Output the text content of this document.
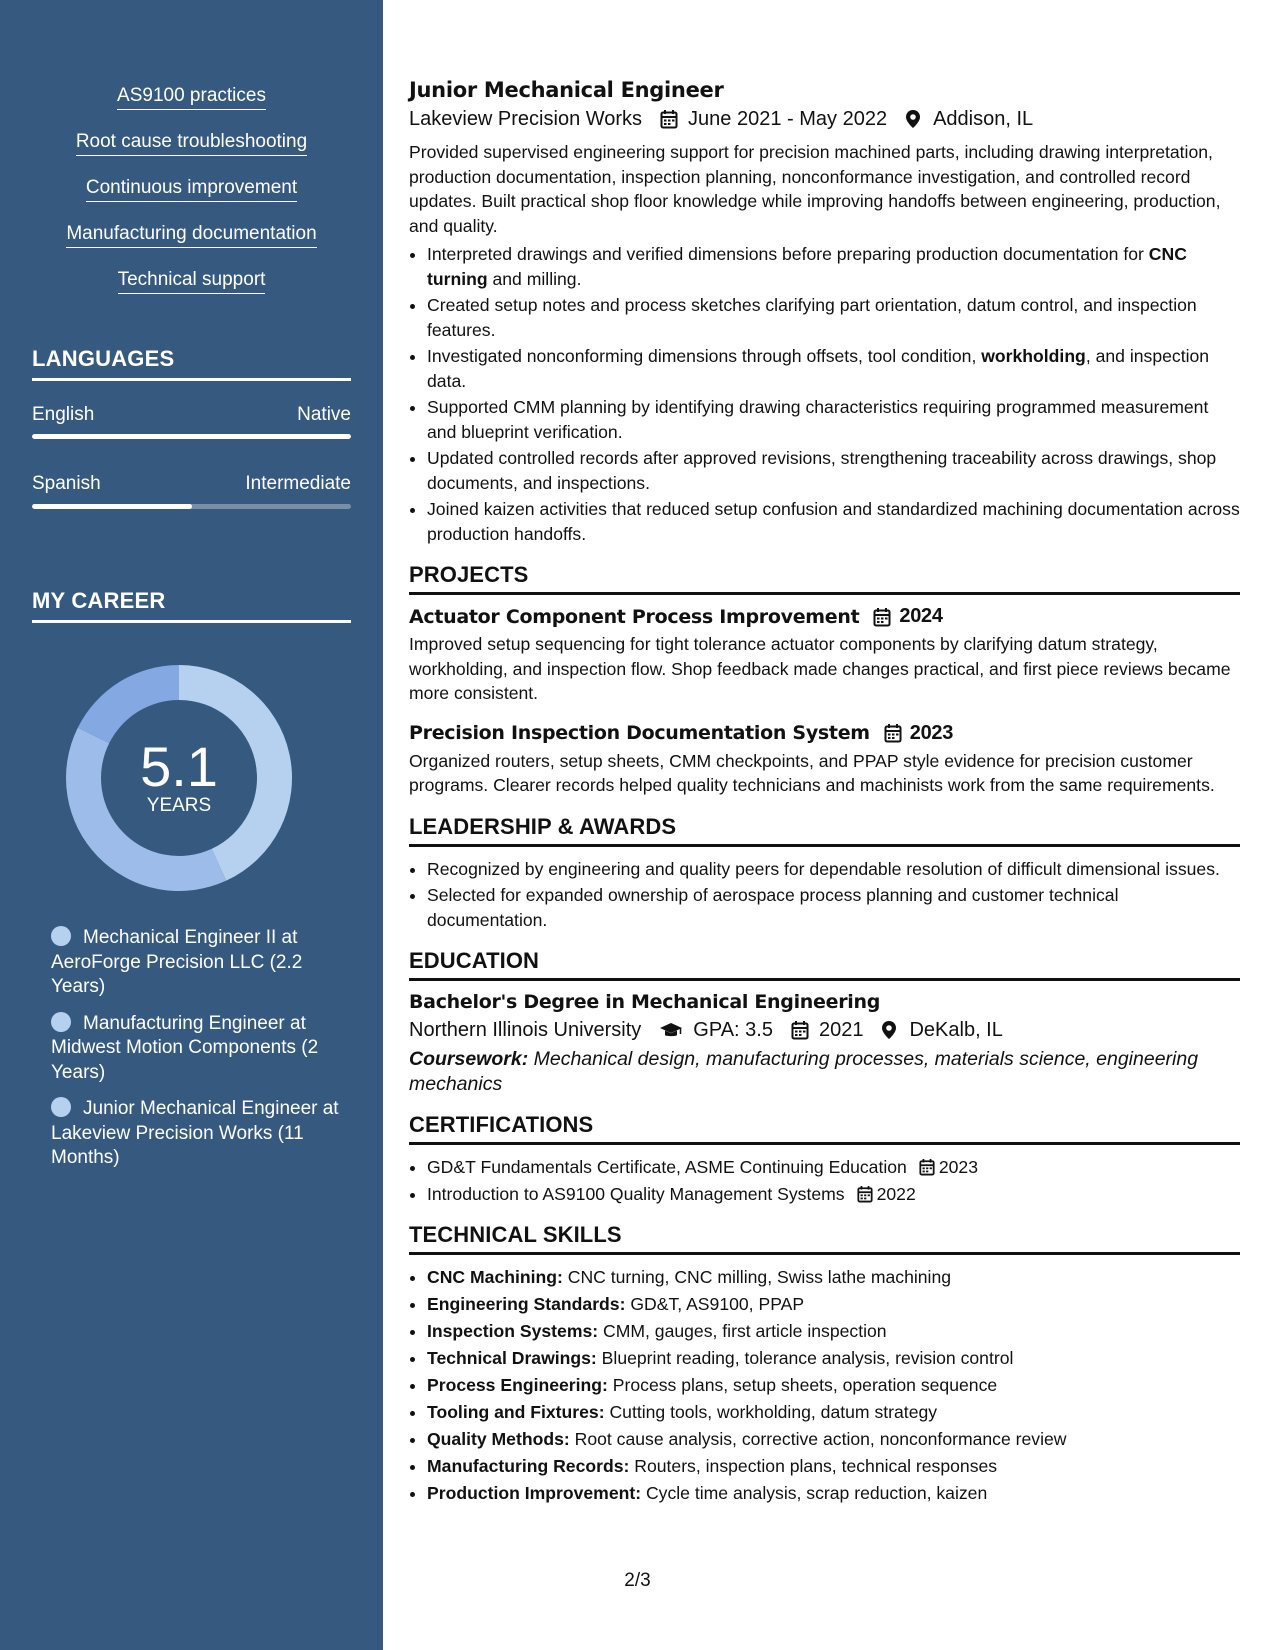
AS9100 practices
Root cause troubleshooting
Continuous improvement
Manufacturing documentation
Technical support
LANGUAGES
English	Native
Spanish	Intermediate
MY CAREER
5.1
YEARS
Mechanical Engineer II at AeroForge Precision LLC (2.2 Years)
Manufacturing Engineer at Midwest Motion Components (2 Years)
Junior Mechanical Engineer at Lakeview Precision Works (11 Months)
Junior Mechanical Engineer
Lakeview Precision Works June 2021 - May 2022 Addison, IL

Provided supervised engineering support for precision machined parts, including drawing interpretation, production documentation, inspection planning, nonconformance investigation, and controlled record updates. Built practical shop floor knowledge while improving handoffs between engineering, production, and quality.

• Interpreted drawings and verified dimensions before preparing production documentation for CNC turning and milling.
• Created setup notes and process sketches clarifying part orientation, datum control, and inspection features.
• Investigated nonconforming dimensions through offsets, tool condition, workholding, and inspection data.
• Supported CMM planning by identifying drawing characteristics requiring programmed measurement and blueprint verification.
• Updated controlled records after approved revisions, strengthening traceability across drawings, shop documents, and inspections.
• Joined kaizen activities that reduced setup confusion and standardized machining documentation across production handoffs.
PROJECTS
Actuator Component Process Improvement 2024

Improved setup sequencing for tight tolerance actuator components by clarifying datum strategy, workholding, and inspection flow. Shop feedback made changes practical, and first piece reviews became more consistent.

Precision Inspection Documentation System 2023

Organized routers, setup sheets, CMM checkpoints, and PPAP style evidence for precision customer programs. Clearer records helped quality technicians and machinists work from the same requirements.

LEADERSHIP & AWARDS
• Recognized by engineering and quality peers for dependable resolution of difficult dimensional issues.
• Selected for expanded ownership of aerospace process planning and customer technical documentation.
EDUCATION
Bachelor's Degree in Mechanical Engineering
Northern Illinois University	GPA: 3.5 2021 DeKalb, IL
Coursework: Mechanical design, manufacturing processes, materials science, engineering mechanics
CERTIFICATIONS
• GD&T Fundamentals Certificate, ASME Continuing Education 2023
• Introduction to AS9100 Quality Management Systems 2022
TECHNICAL SKILLS
• CNC Machining: CNC turning, CNC milling, Swiss lathe machining
• Engineering Standards: GD&T, AS9100, PPAP
• Inspection Systems: CMM, gauges, first article inspection
• Technical Drawings: Blueprint reading, tolerance analysis, revision control
• Process Engineering: Process plans, setup sheets, operation sequence
• Tooling and Fixtures: Cutting tools, workholding, datum strategy
• Quality Methods: Root cause analysis, corrective action, nonconformance review
• Manufacturing Records: Routers, inspection plans, technical responses
• Production Improvement: Cycle time analysis, scrap reduction, kaizen
2/3
